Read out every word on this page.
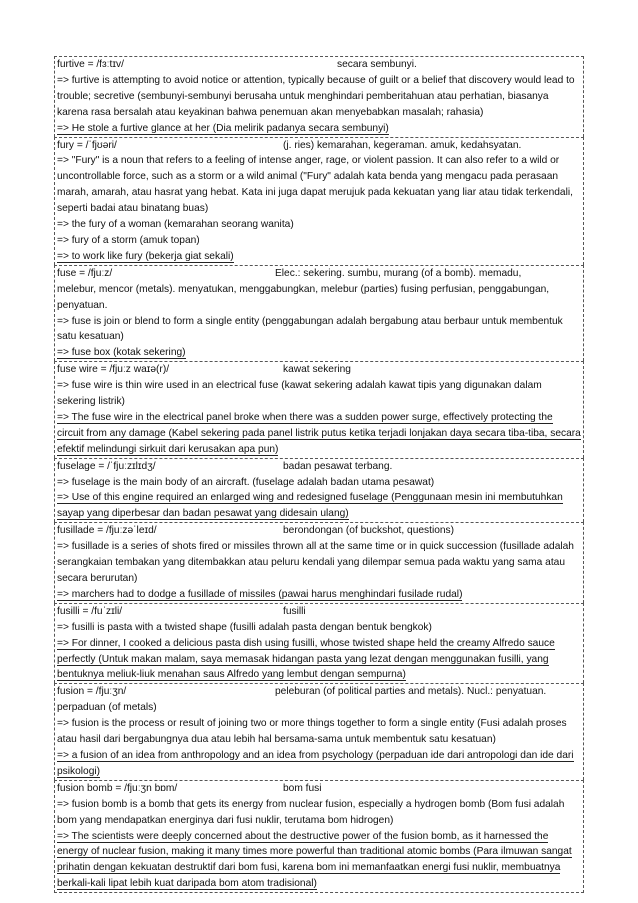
furtive = /fɜːtɪv/	secara sembunyi.
=> furtive is attempting to avoid notice or attention, typically because of guilt or a belief that discovery would lead to trouble; secretive (sembunyi-sembunyi berusaha untuk menghindari pemberitahuan atau perhatian, biasanya karena rasa bersalah atau keyakinan bahwa penemuan akan menyebabkan masalah; rahasia)
=> He stole a furtive glance at her (Dia melirik padanya secara sembunyi)
fury = /ˈfjʊəri/	(j. ries) kemarahan, kegeraman. amuk, kedahsyatan.
=> "Fury" is a noun that refers to a feeling of intense anger, rage, or violent passion. It can also refer to a wild or uncontrollable force, such as a storm or a wild animal ("Fury" adalah kata benda yang mengacu pada perasaan marah, amarah, atau hasrat yang hebat. Kata ini juga dapat merujuk pada kekuatan yang liar atau tidak terkendali, seperti badai atau binatang buas)
=> the fury of a woman (kemarahan seorang wanita)
=> fury of a storm (amuk topan)
=> to work like fury (bekerja giat sekali)
fuse = /fjuːz/	Elec.: sekering. sumbu, murang (of a bomb). memadu,
melebur, mencor (metals). menyatukan, menggabungkan, melebur (parties) fusing perfusian, penggabungan, penyatuan.
=> fuse is join or blend to form a single entity (penggabungan adalah bergabung atau berbaur untuk membentuk satu kesatuan)
=> fuse box (kotak sekering)
fuse wire = /fjuːz waɪə(r)/	kawat sekering
=> fuse wire is thin wire used in an electrical fuse (kawat sekering adalah kawat tipis yang digunakan dalam sekering listrik)
=> The fuse wire in the electrical panel broke when there was a sudden power surge, effectively protecting the circuit from any damage (Kabel sekering pada panel listrik putus ketika terjadi lonjakan daya secara tiba-tiba, secara efektif melindungi sirkuit dari kerusakan apa pun)
fuselage = /ˈfjuːzɪlɪdʒ/	badan pesawat terbang.
=> fuselage is the main body of an aircraft. (fuselage adalah badan utama pesawat)
=> Use of this engine required an enlarged wing and redesigned fuselage (Penggunaan mesin ini membutuhkan sayap yang diperbesar dan badan pesawat yang didesain ulang)
fusillade = /fjuːzəˈleɪd/	berondongan (of buckshot, questions)
=> fusillade is a series of shots fired or missiles thrown all at the same time or in quick succession (fusillade adalah serangkaian tembakan yang ditembakkan atau peluru kendali yang dilempar semua pada waktu yang sama atau secara berurutan)
=> marchers had to dodge a fusillade of missiles (pawai harus menghindari fusilade rudal)
fusilli = /fuˈzɪli/	fusilli
=> fusilli is pasta with a twisted shape (fusilli adalah pasta dengan bentuk bengkok)
=> For dinner, I cooked a delicious pasta dish using fusilli, whose twisted shape held the creamy Alfredo sauce perfectly (Untuk makan malam, saya memasak hidangan pasta yang lezat dengan menggunakan fusilli, yang bentuknya meliuk-liuk menahan saus Alfredo yang lembut dengan sempurna)
fusion = /fjuːʒn/	peleburan (of political parties and metals). Nucl.: penyatuan.
perpaduan (of metals)
=> fusion is the process or result of joining two or more things together to form a single entity (Fusi adalah proses atau hasil dari bergabungnya dua atau lebih hal bersama-sama untuk membentuk satu kesatuan)
=> a fusion of an idea from anthropology and an idea from psychology (perpaduan ide dari antropologi dan ide dari psikologi)
fusion bomb = /fjuːʒn bɒm/	bom fusi
=> fusion bomb is a bomb that gets its energy from nuclear fusion, especially a hydrogen bomb (Bom fusi adalah bom yang mendapatkan energinya dari fusi nuklir, terutama bom hidrogen)
=> The scientists were deeply concerned about the destructive power of the fusion bomb, as it harnessed the energy of nuclear fusion, making it many times more powerful than traditional atomic bombs (Para ilmuwan sangat prihatin dengan kekuatan destruktif dari bom fusi, karena bom ini memanfaatkan energi fusi nuklir, membuatnya berkali-kali lipat lebih kuat daripada bom atom tradisional)
